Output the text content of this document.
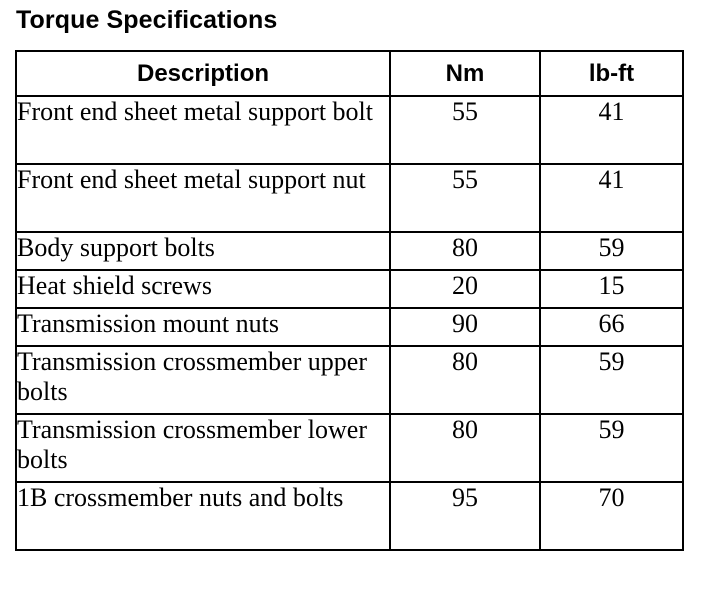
Torque Specifications
Description	Nm	lb-ft
Front end sheet metal support bolt	55	41
Front end sheet metal support nut	55	41
Body support bolts	80	59
Heat shield screws	20	15
Transmission mount nuts	90	66
Transmission crossmember upper bolts	80	59
Transmission crossmember lower bolts	80	59
1B crossmember nuts and bolts	95	70
